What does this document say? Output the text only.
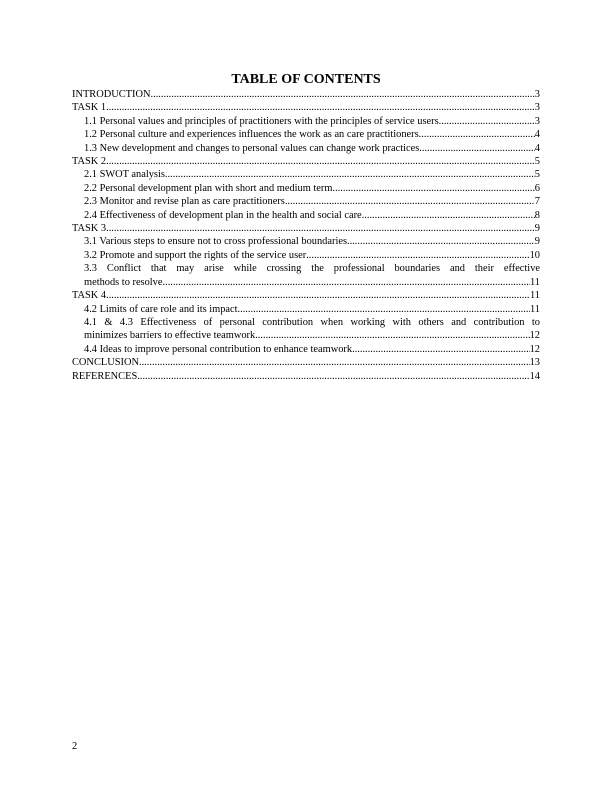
TABLE OF CONTENTS
INTRODUCTION .....	3
TASK 1 .....	3
1.1 Personal values and principles of practitioners with the principles of service users .....	3
1.2 Personal culture and experiences influences the work as an care practitioners .....	4
1.3 New development and changes to personal values can change work practices .....	4
TASK 2 .....	5
2.1 SWOT analysis .....	5
2.2 Personal development plan with short and medium term .....	6
2.3 Monitor and revise plan as care practitioners .....	7
2.4 Effectiveness of development plan in the health and social care .....	8
TASK 3 .....	9
3.1 Various steps to ensure not to cross professional boundaries .....	9
3.2 Promote and support the rights of the service user .....	10
3.3 Conflict that may arise while crossing the professional boundaries and their effective
methods to resolve .....	11
TASK 4 .....	11
4.2 Limits of care role and its impact .....	11
4.1 & 4.3 Effectiveness of personal contribution when working with others and contribution to
minimizes barriers to effective teamwork .....	12
4.4 Ideas to improve personal contribution to enhance teamwork .....	12
CONCLUSION .....	13
REFERENCES .....	14
2
